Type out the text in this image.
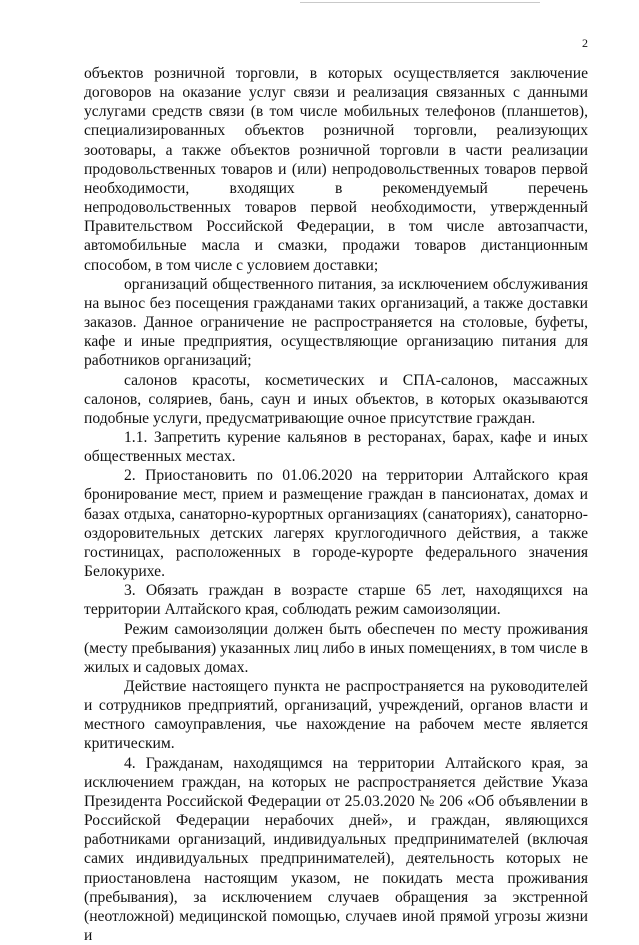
2

объектов розничной торговли, в которых осуществляется заключение договоров на оказание услуг связи и реализация связанных с данными услугами средств связи (в том числе мобильных телефонов (планшетов), специализированных объектов розничной торговли, реализующих зоотовары, а также объектов розничной торговли в части реализации продовольственных товаров и (или) непродовольственных товаров первой необходимости, входящих в рекомендуемый перечень непродовольственных товаров первой необходимости, утвержденный Правительством Российской Федерации, в том числе автозапчасти, автомобильные масла и смазки, продажи товаров дистанционным способом, в том числе с условием доставки;

организаций общественного питания, за исключением обслуживания на вынос без посещения гражданами таких организаций, а также доставки заказов. Данное ограничение не распространяется на столовые, буфеты, кафе и иные предприятия, осуществляющие организацию питания для работников организаций;

салонов красоты, косметических и СПА-салонов, массажных салонов, соляриев, бань, саун и иных объектов, в которых оказываются подобные услуги, предусматривающие очное присутствие граждан.

1.1. Запретить курение кальянов в ресторанах, барах, кафе и иных общественных местах.

2. Приостановить по 01.06.2020 на территории Алтайского края бронирование мест, прием и размещение граждан в пансионатах, домах и базах отдыха, санаторно-курортных организациях (санаториях), санаторно-оздоровительных детских лагерях круглогодичного действия, а также гостиницах, расположенных в городе-курорте федерального значения Белокурихе.

3. Обязать граждан в возрасте старше 65 лет, находящихся на территории Алтайского края, соблюдать режим самоизоляции.

Режим самоизоляции должен быть обеспечен по месту проживания (месту пребывания) указанных лиц либо в иных помещениях, в том числе в жилых и садовых домах.

Действие настоящего пункта не распространяется на руководителей и сотрудников предприятий, организаций, учреждений, органов власти и местного самоуправления, чье нахождение на рабочем месте является критическим.

4. Гражданам, находящимся на территории Алтайского края, за исключением граждан, на которых не распространяется действие Указа Президента Российской Федерации от 25.03.2020 № 206 «Об объявлении в Российской Федерации нерабочих дней», и граждан, являющихся работниками организаций, индивидуальных предпринимателей (включая самих индивидуальных предпринимателей), деятельность которых не приостановлена настоящим указом, не покидать места проживания (пребывания), за исключением случаев обращения за экстренной (неотложной) медицинской помощью, случаев иной прямой угрозы жизни и
